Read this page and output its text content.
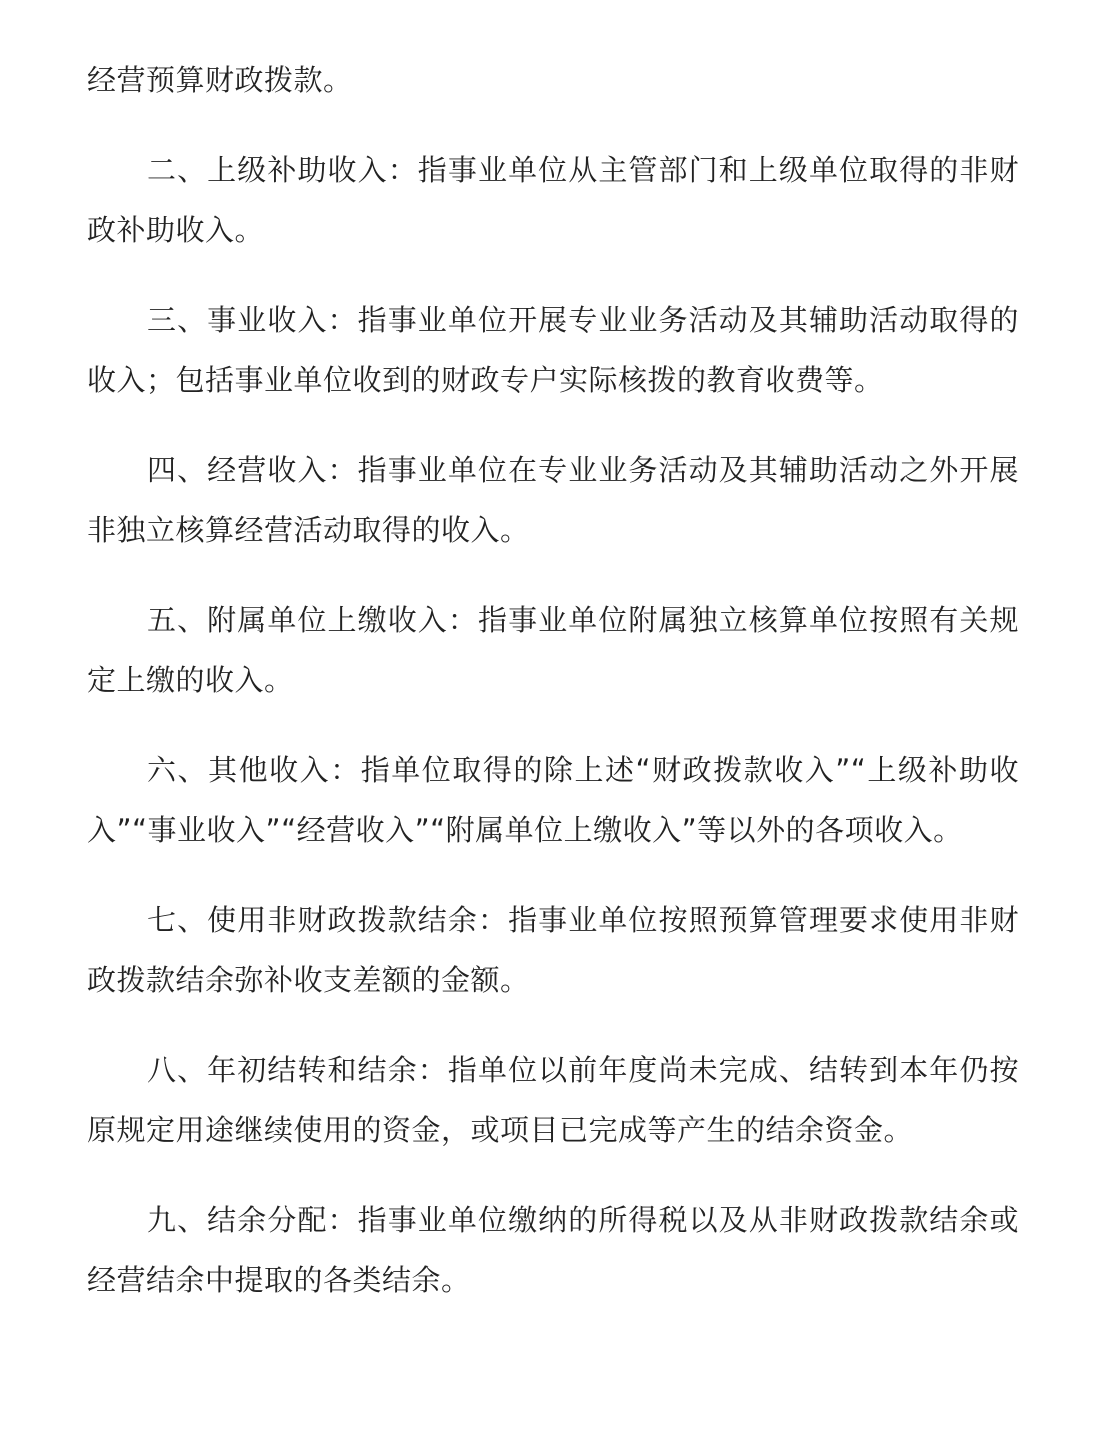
经营预算财政拨款。

二、上级补助收入：指事业单位从主管部门和上级单位取得的非财政补助收入。

三、事业收入：指事业单位开展专业业务活动及其辅助活动取得的收入；包括事业单位收到的财政专户实际核拨的教育收费等。

四、经营收入：指事业单位在专业业务活动及其辅助活动之外开展非独立核算经营活动取得的收入。

五、附属单位上缴收入：指事业单位附属独立核算单位按照有关规定上缴的收入。

六、其他收入：指单位取得的除上述“财政拨款收入”“上级补助收入”“事业收入”“经营收入”“附属单位上缴收入”等以外的各项收入。

七、使用非财政拨款结余：指事业单位按照预算管理要求使用非财政拨款结余弥补收支差额的金额。

八、年初结转和结余：指单位以前年度尚未完成、结转到本年仍按原规定用途继续使用的资金，或项目已完成等产生的结余资金。

九、结余分配：指事业单位缴纳的所得税以及从非财政拨款结余或经营结余中提取的各类结余。
